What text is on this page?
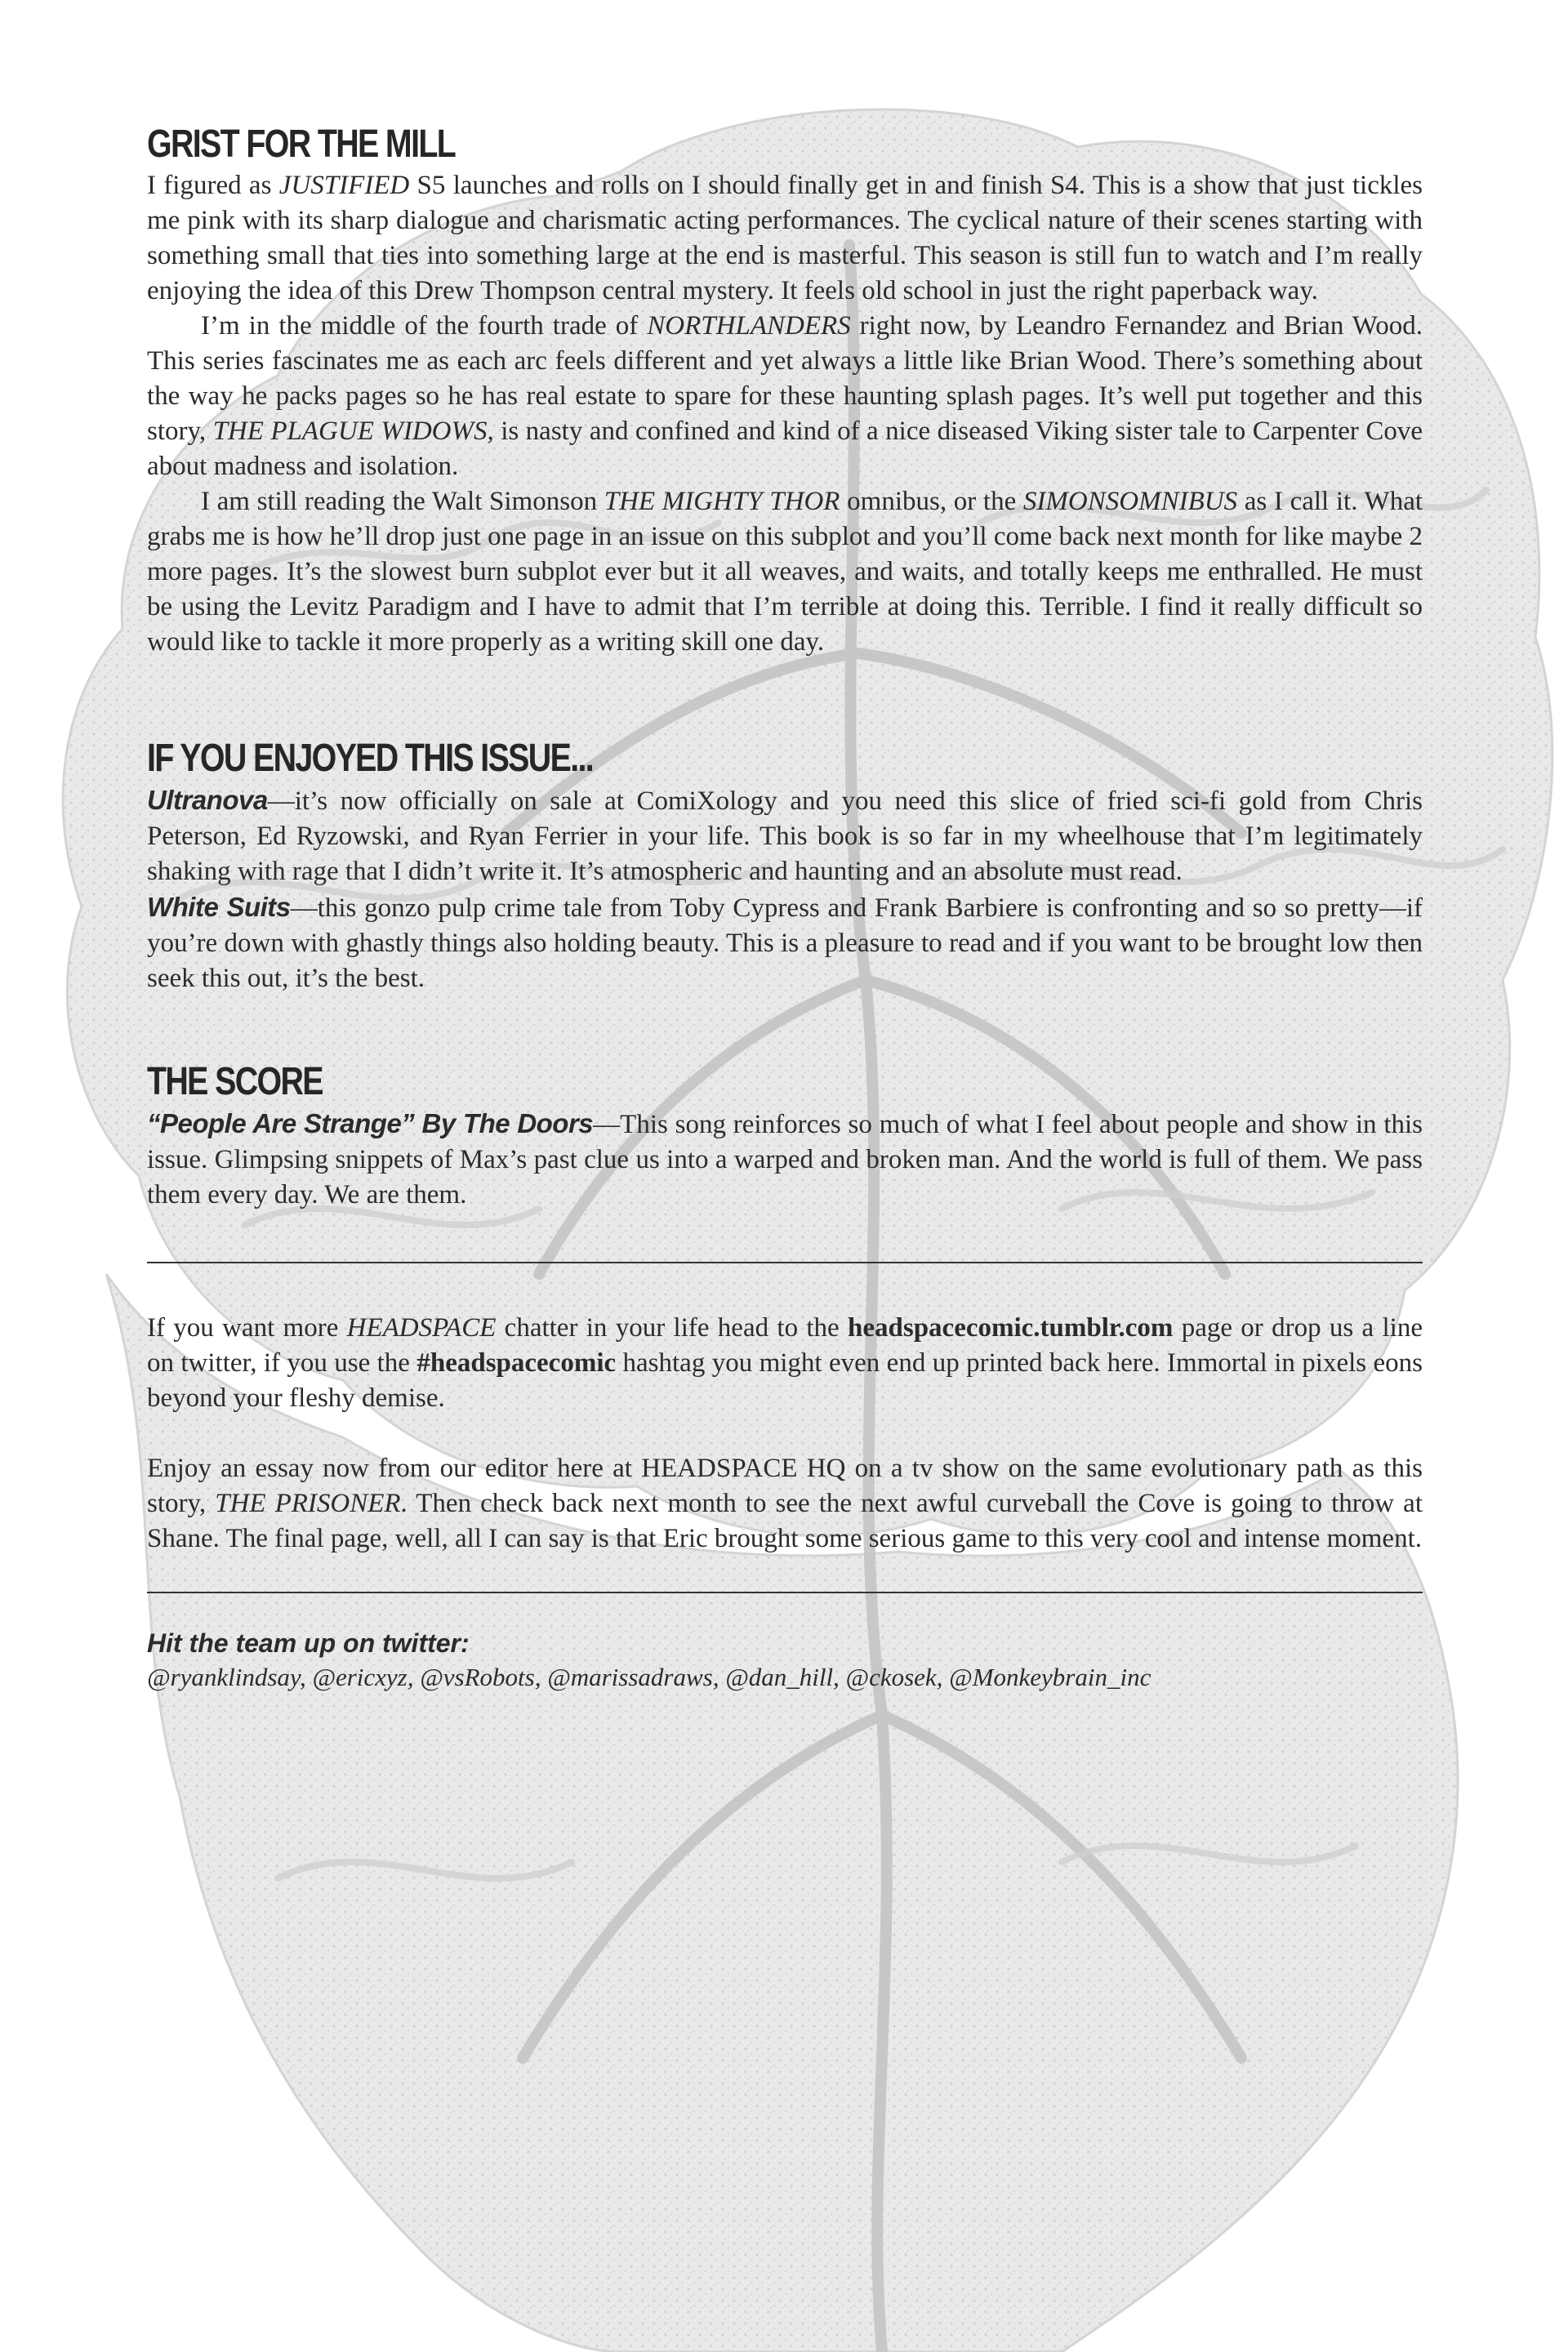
GRIST FOR THE MILL

I figured as JUSTIFIED S5 launches and rolls on I should finally get in and finish S4. This is a show that just tickles me pink with its sharp dialogue and charismatic acting performances. The cyclical nature of their scenes starting with something small that ties into something large at the end is masterful. This season is still fun to watch and I’m really enjoying the idea of this Drew Thompson central mystery. It feels old school in just the right paperback way.

I’m in the middle of the fourth trade of NORTHLANDERS right now, by Leandro Fernandez and Brian Wood. This series fascinates me as each arc feels different and yet always a little like Brian Wood. There’s something about the way he packs pages so he has real estate to spare for these haunting splash pages. It’s well put together and this story, THE PLAGUE WIDOWS, is nasty and confined and kind of a nice diseased Viking sister tale to Carpenter Cove about madness and isolation.

I am still reading the Walt Simonson THE MIGHTY THOR omnibus, or the SIMONSOMNIBUS as I call it. What grabs me is how he’ll drop just one page in an issue on this subplot and you’ll come back next month for like maybe 2 more pages. It’s the slowest burn subplot ever but it all weaves, and waits, and totally keeps me enthralled. He must be using the Levitz Paradigm and I have to admit that I’m terrible at doing this. Terrible. I find it really difficult so would like to tackle it more properly as a writing skill one day.

IF YOU ENJOYED THIS ISSUE...

Ultranova—it’s now officially on sale at ComiXology and you need this slice of fried sci-fi gold from Chris Peterson, Ed Ryzowski, and Ryan Ferrier in your life. This book is so far in my wheelhouse that I’m legitimately shaking with rage that I didn’t write it. It’s atmospheric and haunting and an absolute must read.

White Suits—this gonzo pulp crime tale from Toby Cypress and Frank Barbiere is confronting and so so pretty—if you’re down with ghastly things also holding beauty. This is a pleasure to read and if you want to be brought low then seek this out, it’s the best.

THE SCORE

“People Are Strange” By The Doors—This song reinforces so much of what I feel about people and show in this issue. Glimpsing snippets of Max’s past clue us into a warped and broken man. And the world is full of them. We pass them every day. We are them.

If you want more HEADSPACE chatter in your life head to the headspacecomic.tumblr.com page or drop us a line on twitter, if you use the #headspacecomic hashtag you might even end up printed back here. Immortal in pixels eons beyond your fleshy demise.

Enjoy an essay now from our editor here at HEADSPACE HQ on a tv show on the same evolutionary path as this story, THE PRISONER. Then check back next month to see the next awful curveball the Cove is going to throw at Shane. The final page, well, all I can say is that Eric brought some serious game to this very cool and intense moment.

Hit the team up on twitter:
@ryanklindsay, @ericxyz, @vsRobots, @marissadraws, @dan_hill, @ckosek, @Monkeybrain_inc
